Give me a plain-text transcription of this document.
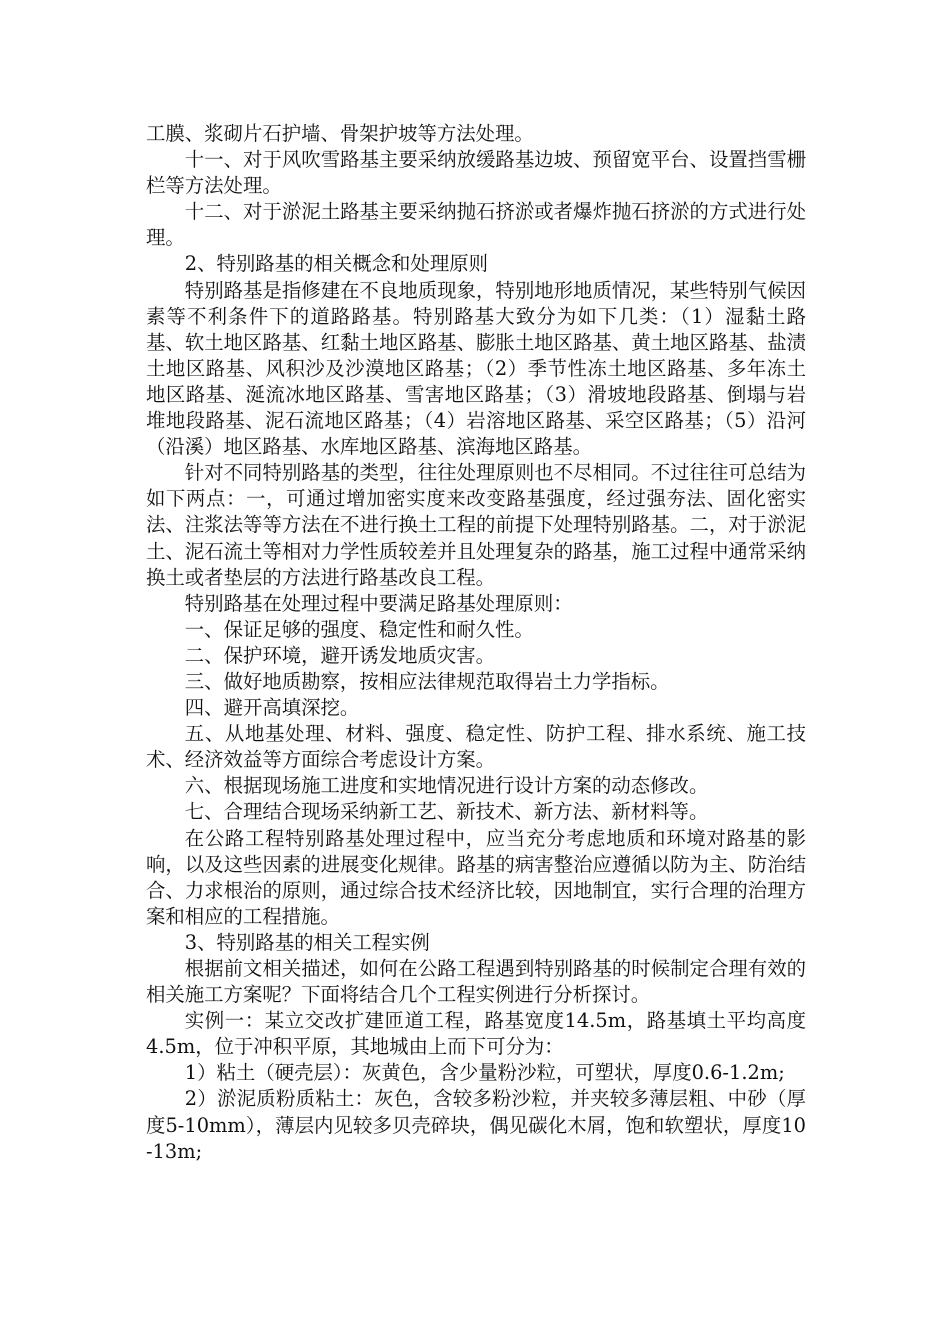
工膜、浆砌片石护墙、骨架护坡等方法处理。

十一、对于风吹雪路基主要采纳放缓路基边坡、预留宽平台、设置挡雪栅栏等方法处理。

十二、对于淤泥土路基主要采纳抛石挤淤或者爆炸抛石挤淤的方式进行处理。

2、特别路基的相关概念和处理原则

特别路基是指修建在不良地质现象，特别地形地质情况，某些特别气候因素等不利条件下的道路路基。特别路基大致分为如下几类：（1）湿黏土路基、软土地区路基、红黏土地区路基、膨胀土地区路基、黄土地区路基、盐渍土地区路基、风积沙及沙漠地区路基；（2）季节性冻土地区路基、多年冻土地区路基、涎流冰地区路基、雪害地区路基；（3）滑坡地段路基、倒塌与岩堆地段路基、泥石流地区路基；（4）岩溶地区路基、采空区路基；（5）沿河（沿溪）地区路基、水库地区路基、滨海地区路基。

针对不同特别路基的类型，往往处理原则也不尽相同。不过往往可总结为如下两点：一，可通过增加密实度来改变路基强度，经过强夯法、固化密实法、注浆法等等方法在不进行换土工程的前提下处理特别路基。二，对于淤泥土、泥石流土等相对力学性质较差并且处理复杂的路基，施工过程中通常采纳换土或者垫层的方法进行路基改良工程。

特别路基在处理过程中要满足路基处理原则：

一、保证足够的强度、稳定性和耐久性。

二、保护环境，避开诱发地质灾害。

三、做好地质勘察，按相应法律规范取得岩土力学指标。

四、避开高填深挖。

五、从地基处理、材料、强度、稳定性、防护工程、排水系统、施工技术、经济效益等方面综合考虑设计方案。

六、根据现场施工进度和实地情况进行设计方案的动态修改。

七、合理结合现场采纳新工艺、新技术、新方法、新材料等。

在公路工程特别路基处理过程中，应当充分考虑地质和环境对路基的影响，以及这些因素的进展变化规律。路基的病害整治应遵循以防为主、防治结合、力求根治的原则，通过综合技术经济比较，因地制宜，实行合理的治理方案和相应的工程措施。

3、特别路基的相关工程实例

根据前文相关描述，如何在公路工程遇到特别路基的时候制定合理有效的相关施工方案呢？下面将结合几个工程实例进行分析探讨。

实例一：某立交改扩建匝道工程，路基宽度14.5m，路基填土平均高度4.5m，位于冲积平原，其地城由上而下可分为：

1）粘土（硬壳层）：灰黄色，含少量粉沙粒，可塑状，厚度0.6-1.2m;

2）淤泥质粉质粘土：灰色，含较多粉沙粒，并夹较多薄层粗、中砂（厚度5-10mm），薄层内见较多贝壳碎块，偶见碳化木屑，饱和软塑状，厚度10-13m;
